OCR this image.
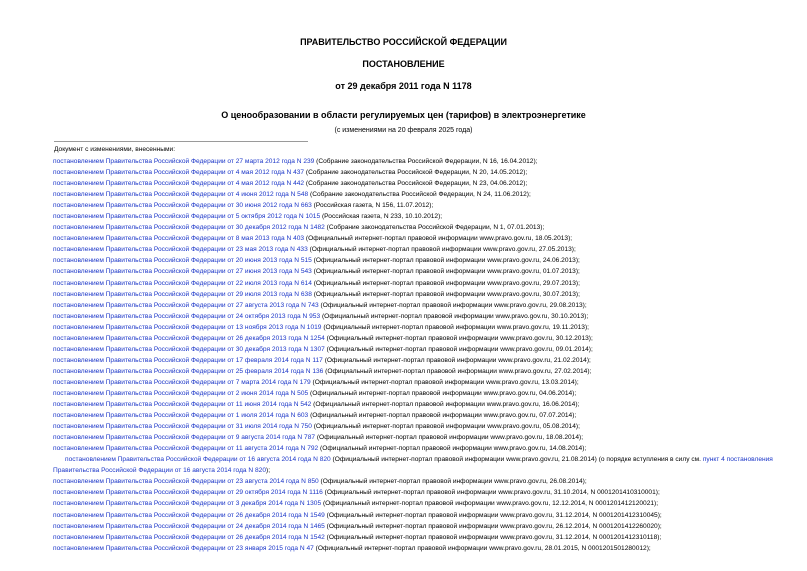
ПРАВИТЕЛЬСТВО РОССИЙСКОЙ ФЕДЕРАЦИИ
ПОСТАНОВЛЕНИЕ
от 29 декабря 2011 года N 1178
О ценообразовании в области регулируемых цен (тарифов) в электроэнергетике
(с изменениями на 20 февраля 2025 года)
Документ с изменениями, внесенными:
постановлением Правительства Российской Федерации от 27 марта 2012 года N 239 (Собрание законодательства Российской Федерации, N 16, 16.04.2012);
постановлением Правительства Российской Федерации от 4 мая 2012 года N 437 (Собрание законодательства Российской Федерации, N 20, 14.05.2012);
постановлением Правительства Российской Федерации от 4 мая 2012 года N 442 (Собрание законодательства Российской Федерации, N 23, 04.06.2012);
постановлением Правительства Российской Федерации от 4 июня 2012 года N 548 (Собрание законодательства Российской Федерации, N 24, 11.06.2012);
постановлением Правительства Российской Федерации от 30 июня 2012 года N 663 (Российская газета, N 156, 11.07.2012);
постановлением Правительства Российской Федерации от 5 октября 2012 года N 1015 (Российская газета, N 233, 10.10.2012);
постановлением Правительства Российской Федерации от 30 декабря 2012 года N 1482 (Собрание законодательства Российской Федерации, N 1, 07.01.2013);
постановлением Правительства Российской Федерации от 8 мая 2013 года N 403 (Официальный интернет-портал правовой информации www.pravo.gov.ru, 18.05.2013);
постановлением Правительства Российской Федерации от 23 мая 2013 года N 433 (Официальный интернет-портал правовой информации www.pravo.gov.ru, 27.05.2013);
постановлением Правительства Российской Федерации от 20 июня 2013 года N 515 (Официальный интернет-портал правовой информации www.pravo.gov.ru, 24.06.2013);
постановлением Правительства Российской Федерации от 27 июня 2013 года N 543 (Официальный интернет-портал правовой информации www.pravo.gov.ru, 01.07.2013);
постановлением Правительства Российской Федерации от 22 июля 2013 года N 614 (Официальный интернет-портал правовой информации www.pravo.gov.ru, 29.07.2013);
постановлением Правительства Российской Федерации от 29 июля 2013 года N 638 (Официальный интернет-портал правовой информации www.pravo.gov.ru, 30.07.2013);
постановлением Правительства Российской Федерации от 27 августа 2013 года N 743 (Официальный интернет-портал правовой информации www.pravo.gov.ru, 29.08.2013);
постановлением Правительства Российской Федерации от 24 октября 2013 года N 953 (Официальный интернет-портал правовой информации www.pravo.gov.ru, 30.10.2013);
постановлением Правительства Российской Федерации от 13 ноября 2013 года N 1019 (Официальный интернет-портал правовой информации www.pravo.gov.ru, 19.11.2013);
постановлением Правительства Российской Федерации от 26 декабря 2013 года N 1254 (Официальный интернет-портал правовой информации www.pravo.gov.ru, 30.12.2013);
постановлением Правительства Российской Федерации от 30 декабря 2013 года N 1307 (Официальный интернет-портал правовой информации www.pravo.gov.ru, 09.01.2014);
постановлением Правительства Российской Федерации от 17 февраля 2014 года N 117 (Официальный интернет-портал правовой информации www.pravo.gov.ru, 21.02.2014);
постановлением Правительства Российской Федерации от 25 февраля 2014 года N 136 (Официальный интернет-портал правовой информации www.pravo.gov.ru, 27.02.2014);
постановлением Правительства Российской Федерации от 7 марта 2014 года N 179 (Официальный интернет-портал правовой информации www.pravo.gov.ru, 13.03.2014);
постановлением Правительства Российской Федерации от 2 июня 2014 года N 505 (Официальный интернет-портал правовой информации www.pravo.gov.ru, 04.06.2014);
постановлением Правительства Российской Федерации от 11 июня 2014 года N 542 (Официальный интернет-портал правовой информации www.pravo.gov.ru, 16.06.2014);
постановлением Правительства Российской Федерации от 1 июля 2014 года N 603 (Официальный интернет-портал правовой информации www.pravo.gov.ru, 07.07.2014);
постановлением Правительства Российской Федерации от 31 июля 2014 года N 750 (Официальный интернет-портал правовой информации www.pravo.gov.ru, 05.08.2014);
постановлением Правительства Российской Федерации от 9 августа 2014 года N 787 (Официальный интернет-портал правовой информации www.pravo.gov.ru, 18.08.2014);
постановлением Правительства Российской Федерации от 11 августа 2014 года N 792 (Официальный интернет-портал правовой информации www.pravo.gov.ru, 14.08.2014);
постановлением Правительства Российской Федерации от 16 августа 2014 года N 820 (Официальный интернет-портал правовой информации www.pravo.gov.ru, 21.08.2014) (о порядке вступления в силу см. пункт 4 постановления Правительства Российской Федерации от 16 августа 2014 года N 820);
постановлением Правительства Российской Федерации от 23 августа 2014 года N 850 (Официальный интернет-портал правовой информации www.pravo.gov.ru, 26.08.2014);
постановлением Правительства Российской Федерации от 29 октября 2014 года N 1116 (Официальный интернет-портал правовой информации www.pravo.gov.ru, 31.10.2014, N 0001201410310001);
постановлением Правительства Российской Федерации от 3 декабря 2014 года N 1305 (Официальный интернет-портал правовой информации www.pravo.gov.ru, 12.12.2014, N 0001201412120021);
постановлением Правительства Российской Федерации от 26 декабря 2014 года N 1549 (Официальный интернет-портал правовой информации www.pravo.gov.ru, 31.12.2014, N 0001201412310045);
постановлением Правительства Российской Федерации от 24 декабря 2014 года N 1465 (Официальный интернет-портал правовой информации www.pravo.gov.ru, 26.12.2014, N 0001201412260020);
постановлением Правительства Российской Федерации от 26 декабря 2014 года N 1542 (Официальный интернет-портал правовой информации www.pravo.gov.ru, 31.12.2014, N 0001201412310118);
постановлением Правительства Российской Федерации от 23 января 2015 года N 47 (Официальный интернет-портал правовой информации www.pravo.gov.ru, 28.01.2015, N 0001201501280012);
